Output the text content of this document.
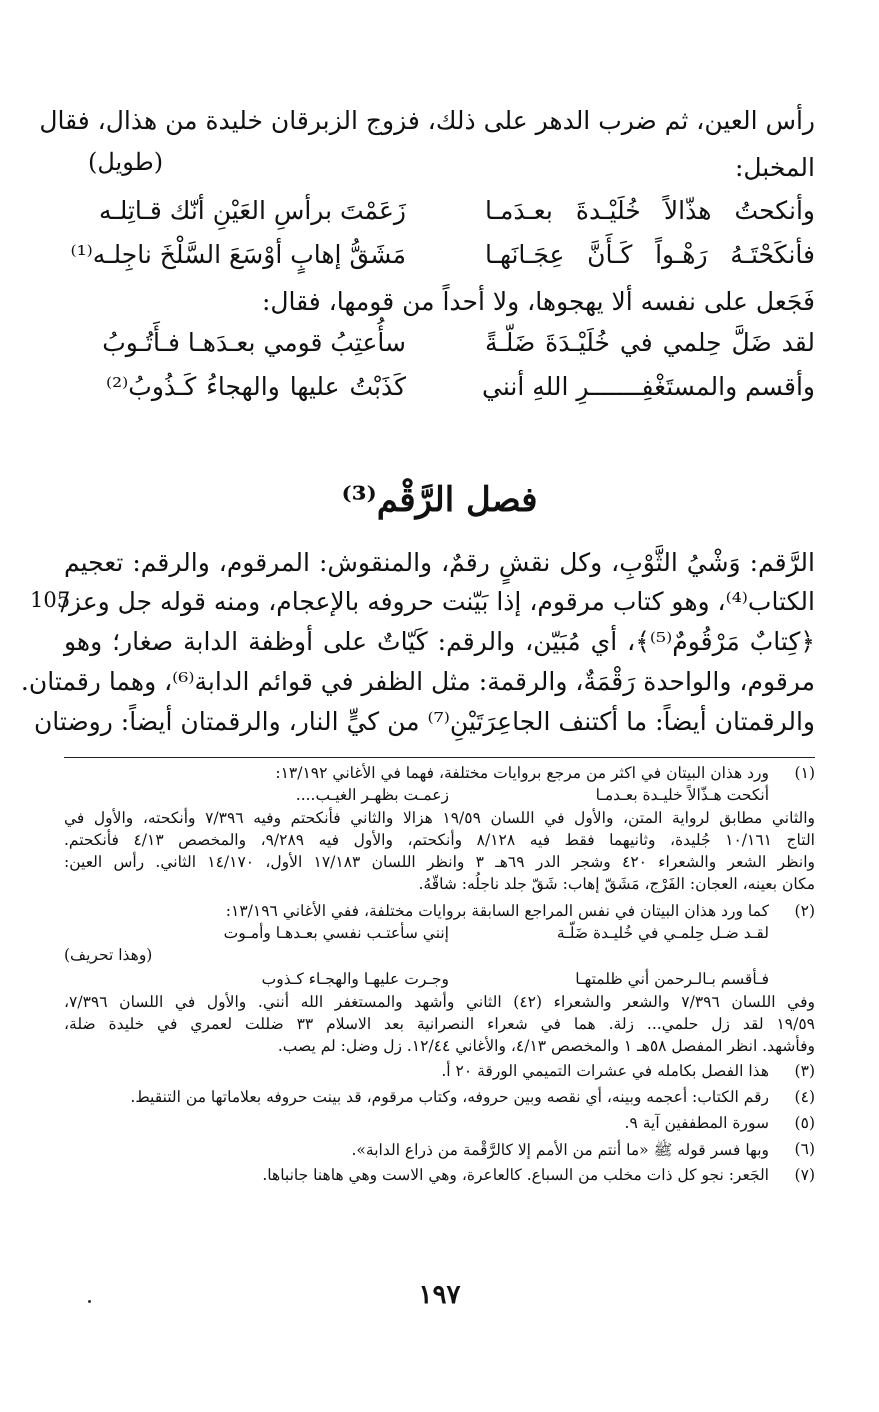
رأس العين، ثم ضرب الدهر على ذلك، فزوج الزبرقان خليدة من هذال، فقال
المخبل:
(طويل)
وأنكحتُ هذّالاً خُلَيْـدةَ بعـدَمـا
زَعَمْتَ برأسِ العَيْنِ أنّك قـاتِلـه
فأنكَحْتَـهُ رَهْـواً كَـأَنَّ عِجَـانَهـا
مَشَقُّ إهابٍ أوْسَعَ السَّلْخَ ناجِلـه⁽¹⁾
فَجَعل على نفسه ألا يهجوها، ولا أحداً من قومها، فقال:
لقد ضَلَّ حِلمي في خُلَيْـدَةَ ضَلّـةً
سأُعتِبُ قومي بعـدَهـا فـأَتُـوبُ
وأقسم والمستَغْفِـــــــرِ اللهِ أنني
كَذَبْتُ عليها والهجاءُ كَـذُوبُ⁽²⁾
فصل الرَّقْم⁽³⁾
الرَّقم: وَشْيُ الثَّوْبِ، وكل نقشٍ رقمٌ، والمنقوش: المرقوم، والرقم: تعجيم
الكتاب⁽⁴⁾، وهو كتاب مرقوم، إذا بَيّنت حروفه بالإعجام، ومنه قوله جل وعز/
105
﴿كِتابٌ مَرْقُومٌ⁽⁵⁾﴾، أي مُبَيّن، والرقم: كَيّاتٌ على أوظفة الدابة صغار؛ وهو
مرقوم، والواحدة رَقْمَةٌ، والرقمة: مثل الظفر في قوائم الدابة⁽⁶⁾، وهما رقمتان.
والرقمتان أيضاً: ما أكتنف الجاعِرَتَيْنِ⁽⁷⁾ من كيٍّ النار، والرقمتان أيضاً: روضتان
(١)
ورد هذان البيتان في اكثر من مرجع بروايات مختلفة، فهما في الأغاني ١٣/١٩٢:
أنكحت هـذّالاً خليـدة بعـدمـا
زعمـت بظهـر الغيـب....
والثاني مطابق لرواية المتن، والأول في اللسان ١٩/٥٩ هزالا والثاني فأنكحتم وفيه ٧/٣٩٦ وأنكحته، والأول في
التاج ١٠/١٦١ جُليدة، وثانيهما فقط فيه ٨/١٢٨ وأنكحتم، والأول فيه ٩/٢٨٩، والمخصص ٤/١٣ فأنكحتم.
وانظر الشعر والشعراء ٤٢٠ وشجر الدر ٦٩هـ ٣ وانظر اللسان ١٧/١٨٣ الأول، ١٤/١٧٠ الثاني. رأس العين:
مكان بعينه، العجان: الفَرْج، مَشَقّ إهاب: شَقّ جلد ناجلُه: شاقّهُ.
(٢)
كما ورد هذان البيتان في نفس المراجع السابقة بروايات مختلفة، ففي الأغاني ١٣/١٩٦:
لقـد ضـل حِلمـي في خُليـدة ضَلّـة
إنني سأعتـب نفسي بعـدهـا وأمـوت
(وهذا تحريف)
فـأقسم بـالـرحمن أني ظلمتهـا
وجـرت عليهـا والهجـاء كـذوب
وفي اللسان ٧/٣٩٦ والشعر والشعراء (٤٢) الثاني وأشهد والمستغفر الله أنني. والأول في اللسان ٧/٣٩٦،
١٩/٥٩ لقد زل حلمي... زلة. هما في شعراء النصرانية بعد الاسلام ٣٣ ضللت لعمري في خليدة ضلة،
وفأشهد. انظر المفصل ٥٨هـ ١ والمخصص ٤/١٣، والأغاني ١٢/٤٤. زل وضل: لم يصب.
(٣)
هذا الفصل بكامله في عشرات التميمي الورقة ٢٠ أ.
(٤)
رقم الكتاب: أعجمه وبينه، أي نقصه وبين حروفه، وكتاب مرقوم، قد بينت حروفه بعلاماتها من التنقيط.
(٥)
سورة المطففين آية ٩.
(٦)
وبها فسر قوله ﷺ «ما أنتم من الأمم إلا كالرَّقْمة من ذراع الدابة».
(٧)
الجَعر: نجو كل ذات مخلب من السباع. كالعاعرة، وهي الاست وهي هاهنا جانباها.
١٩٧
